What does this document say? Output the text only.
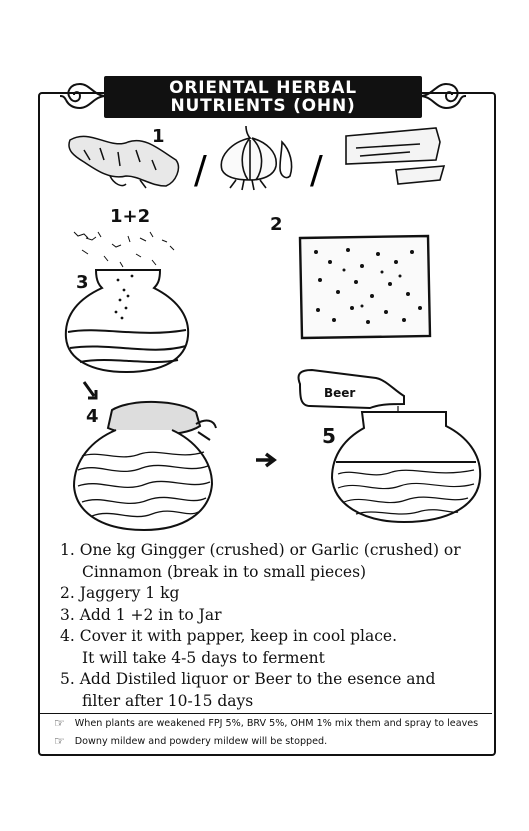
ORIENTAL HERBAL
NUTRIENTS (OHN)
/	/
Beer
1
1+2	2
3
4
5
1. One kg Gingger (crushed) or Garlic (crushed) or
Cinnamon (break in to small pieces)
2. Jaggery 1 kg
3. Add 1 +2 in to Jar
4. Cover it with papper, keep in cool place.
It will take 4-5 days to ferment
5. Add Distiled liquor or Beer to the esence and
filter after 10-15 days
☞ When plants are weakened FPJ 5%, BRV 5%, OHM 1% mix them and spray to leaves
☞ Downy mildew and powdery mildew will be stopped.
